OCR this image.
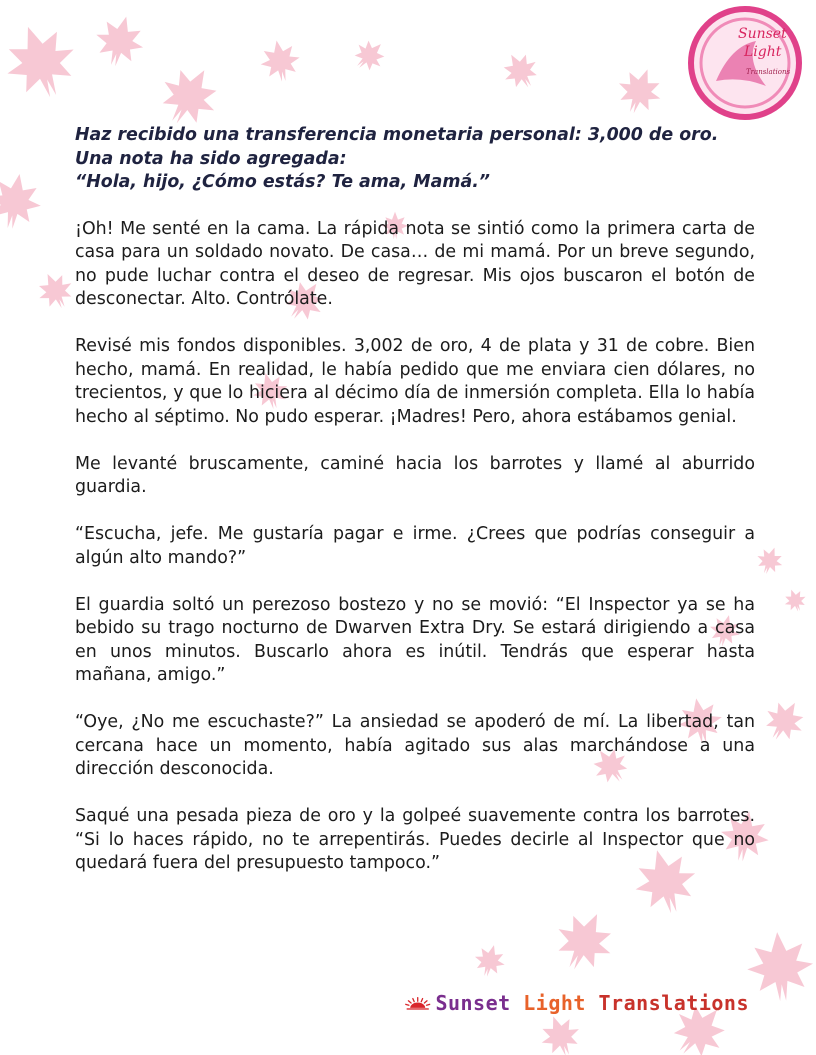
Sunset
Light
Translations
Haz recibido una transferencia monetaria personal: 3,000 de oro.
Una nota ha sido agregada:
“Hola, hijo, ¿Cómo estás? Te ama, Mamá.”

¡Oh! Me senté en la cama. La rápida nota se sintió como la primera carta de casa para un soldado novato. De casa… de mi mamá. Por un breve segundo, no pude luchar contra el deseo de regresar. Mis ojos buscaron el botón de desconectar. Alto. Contrólate.

Revisé mis fondos disponibles. 3,002 de oro, 4 de plata y 31 de cobre. Bien hecho, mamá. En realidad, le había pedido que me enviara cien dólares, no trecientos, y que lo hiciera al décimo día de inmersión completa. Ella lo había hecho al séptimo. No pudo esperar. ¡Madres! Pero, ahora estábamos genial.

Me levanté bruscamente, caminé hacia los barrotes y llamé al aburrido guardia.

“Escucha, jefe. Me gustaría pagar e irme. ¿Crees que podrías conseguir a algún alto mando?”

El guardia soltó un perezoso bostezo y no se movió: “El Inspector ya se ha bebido su trago nocturno de Dwarven Extra Dry. Se estará dirigiendo a casa en unos minutos. Buscarlo ahora es inútil. Tendrás que esperar hasta mañana, amigo.”

“Oye, ¿No me escuchaste?” La ansiedad se apoderó de mí. La libertad, tan cercana hace un momento, había agitado sus alas marchándose a una dirección desconocida.

Saqué una pesada pieza de oro y la golpeé suavemente contra los barrotes. “Si lo haces rápido, no te arrepentirás. Puedes decirle al Inspector que no quedará fuera del presupuesto tampoco.”

Sunset Light Translations
